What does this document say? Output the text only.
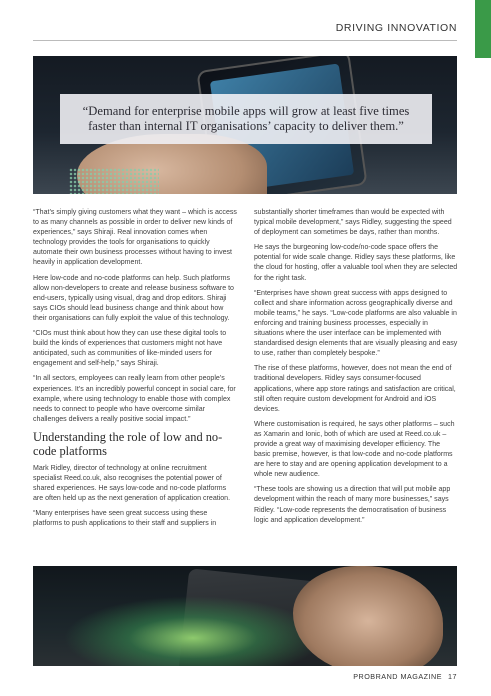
DRIVING INNOVATION
“Demand for enterprise mobile apps will grow at least five times faster than internal IT organisations’ capacity to deliver them.”

“That’s simply giving customers what they want – which is access to as many channels as possible in order to deliver new kinds of experiences,” says Shiraji. Real innovation comes when technology provides the tools for organisations to quickly automate their own business processes without having to invest heavily in application development.

Here low-code and no-code platforms can help. Such platforms allow non-developers to create and release business software to end-users, typically using visual, drag and drop editors. Shiraji says CIOs should lead business change and think about how their organisations can fully exploit the value of this technology.

“CIOs must think about how they can use these digital tools to build the kinds of experiences that customers might not have anticipated, such as communities of like-minded users for engagement and self-help,” says Shiraji.

“In all sectors, employees can really learn from other people’s experiences. It’s an incredibly powerful concept in social care, for example, where using technology to enable those with complex needs to connect to people who have overcome similar challenges delivers a really positive social impact.”

Understanding the role of low and no-code platforms

Mark Ridley, director of technology at online recruitment specialist Reed.co.uk, also recognises the potential power of shared experiences. He says low-code and no-code platforms are often held up as the next generation of application creation.

“Many enterprises have seen great success using these platforms to push applications to their staff and suppliers in

substantially shorter timeframes than would be expected with typical mobile development,” says Ridley, suggesting the speed of deployment can sometimes be days, rather than months.

He says the burgeoning low-code/no-code space offers the potential for wide scale change. Ridley says these platforms, like the cloud for hosting, offer a valuable tool when they are selected for the right task.

“Enterprises have shown great success with apps designed to collect and share information across geographically diverse and mobile teams,” he says. “Low-code platforms are also valuable in enforcing and training business processes, especially in situations where the user interface can be implemented with standardised design elements that are visually pleasing and easy to use, rather than completely bespoke.”

The rise of these platforms, however, does not mean the end of traditional developers. Ridley says consumer-focused applications, where app store ratings and satisfaction are critical, still often require custom development for Android and iOS devices.

Where customisation is required, he says other platforms – such as Xamarin and Ionic, both of which are used at Reed.co.uk – provide a great way of maximising developer efficiency. The basic premise, however, is that low-code and no-code platforms are here to stay and are opening application development to a whole new audience.

“These tools are showing us a direction that will put mobile app development within the reach of many more businesses,” says Ridley. “Low-code represents the democratisation of business logic and application development.”

PROBRAND MAGAZINE 17
